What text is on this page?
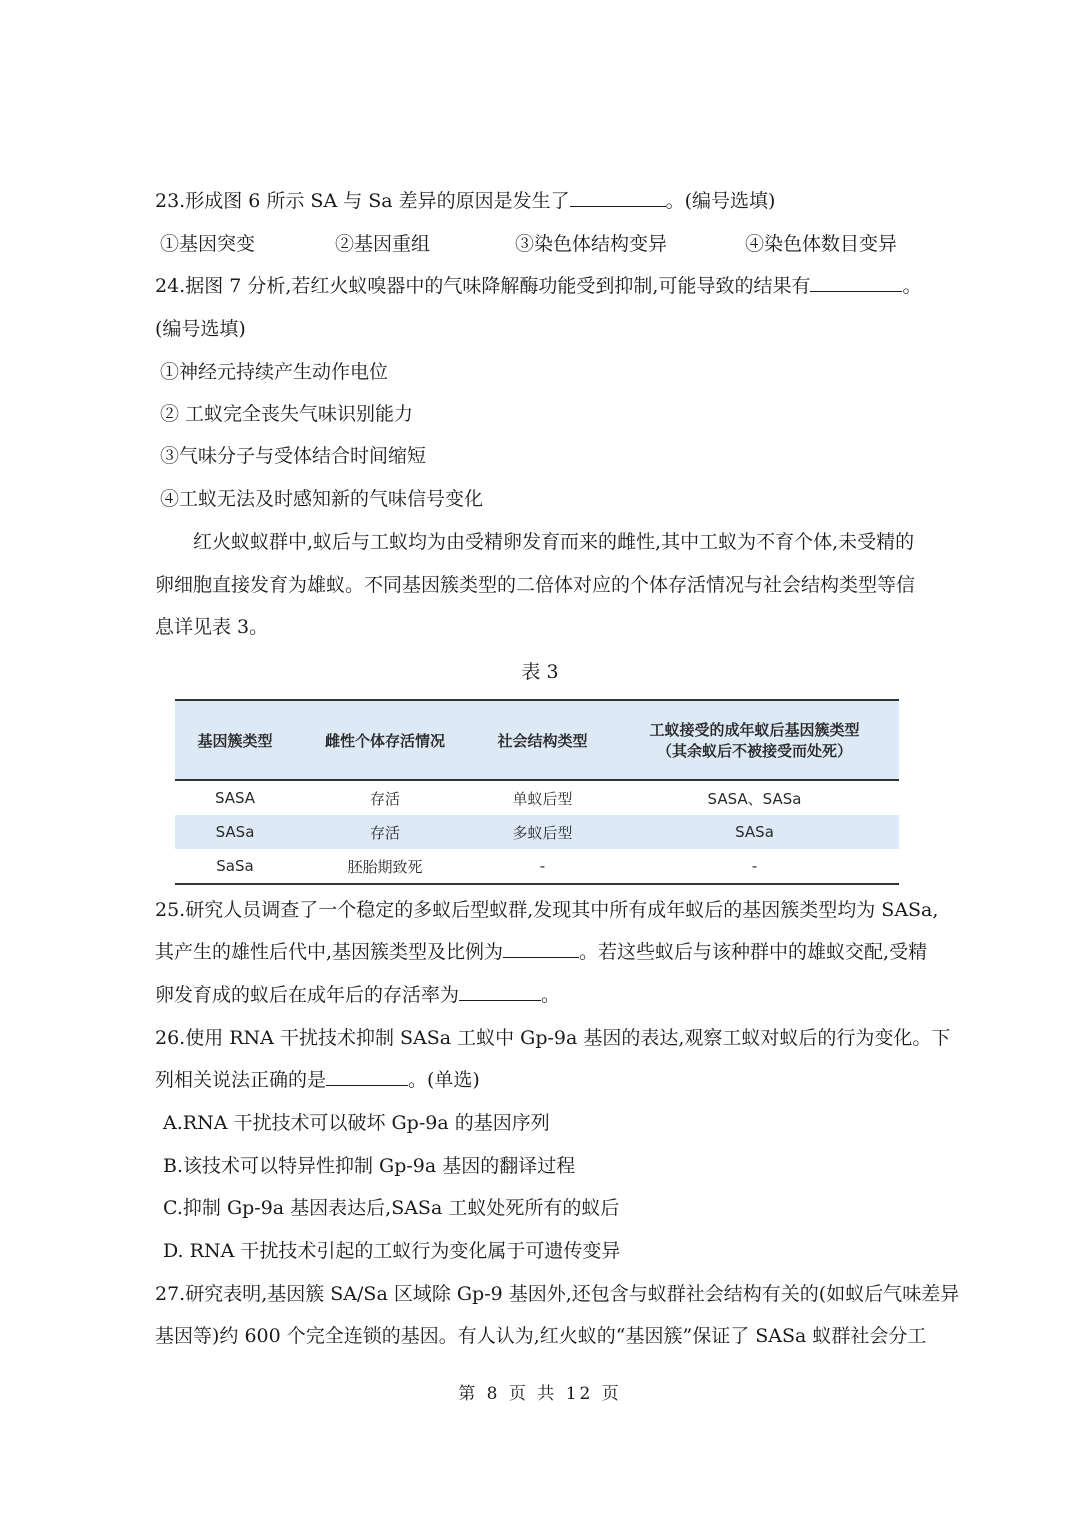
23.形成图 6 所示 SA 与 Sa 差异的原因是发生了	。(编号选填)
①基因突变	②基因重组	③染色体结构变异	④染色体数目变异
24.据图 7 分析,若红火蚁嗅器中的气味降解酶功能受到抑制,可能导致的结果有	。
(编号选填)
①神经元持续产生动作电位
② 工蚁完全丧失气味识别能力
③气味分子与受体结合时间缩短
④工蚁无法及时感知新的气味信号变化
红火蚁蚁群中,蚁后与工蚁均为由受精卵发育而来的雌性,其中工蚁为不育个体,未受精的
卵细胞直接发育为雄蚁。不同基因簇类型的二倍体对应的个体存活情况与社会结构类型等信
息详见表 3。
表 3
基因簇类型	雌性个体存活情况	社会结构类型	工蚁接受的成年蚁后基因簇类型
（其余蚁后不被接受而处死）

SASA	存活	单蚁后型	SASA、SASa
SASa	存活	多蚁后型	SASa
SaSa	胚胎期致死	-	-
25.研究人员调查了一个稳定的多蚁后型蚁群,发现其中所有成年蚁后的基因簇类型均为 SASa,
其产生的雄性后代中,基因簇类型及比例为	。若这些蚁后与该种群中的雄蚁交配,受精
卵发育成的蚁后在成年后的存活率为	。
26.使用 RNA 干扰技术抑制 SASa 工蚁中 Gp-9a 基因的表达,观察工蚁对蚁后的行为变化。下
列相关说法正确的是	。(单选)
A.RNA 干扰技术可以破坏 Gp-9a 的基因序列
B.该技术可以特异性抑制 Gp-9a 基因的翻译过程
C.抑制 Gp-9a 基因表达后,SASa 工蚁处死所有的蚁后
D. RNA 干扰技术引起的工蚁行为变化属于可遗传变异
27.研究表明,基因簇 SA/Sa 区域除 Gp-9 基因外,还包含与蚁群社会结构有关的(如蚁后气味差异
基因等)约 600 个完全连锁的基因。有人认为,红火蚁的“基因簇”保证了 SASa 蚁群社会分工
第 8 页 共 12 页
